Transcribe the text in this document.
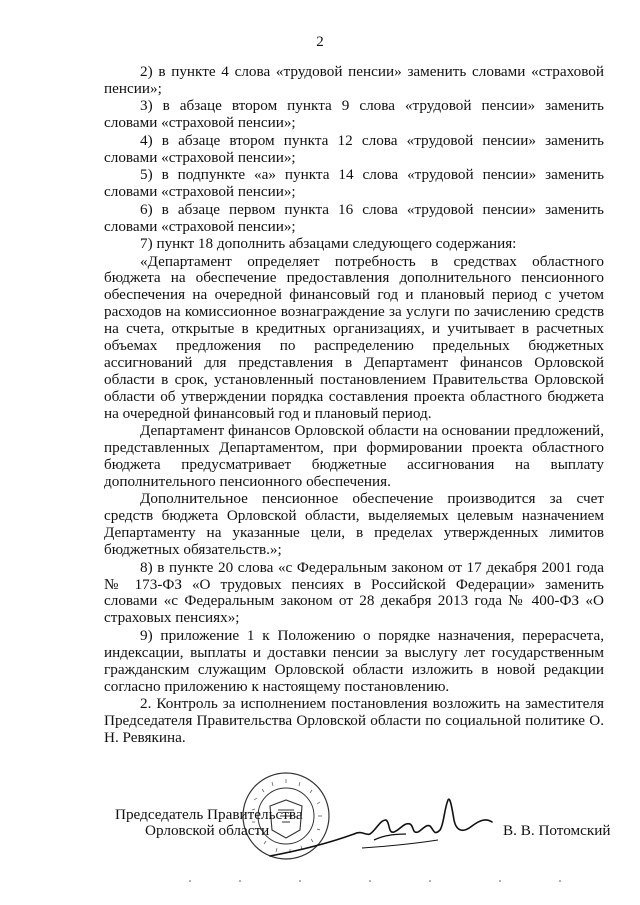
2

2) в пункте 4 слова «трудовой пенсии» заменить словами «страховой пенсии»;

3) в абзаце втором пункта 9 слова «трудовой пенсии» заменить словами «страховой пенсии»;

4) в абзаце втором пункта 12 слова «трудовой пенсии» заменить словами «страховой пенсии»;

5) в подпункте «а» пункта 14 слова «трудовой пенсии» заменить словами «страховой пенсии»;

6) в абзаце первом пункта 16 слова «трудовой пенсии» заменить словами «страховой пенсии»;

7) пункт 18 дополнить абзацами следующего содержания:

«Департамент определяет потребность в средствах областного бюджета на обеспечение предоставления дополнительного пенсионного обеспечения на очередной финансовый год и плановый период с учетом расходов на комиссионное вознаграждение за услуги по зачислению средств на счета, открытые в кредитных организациях, и учитывает в расчетных объемах предложения по распределению предельных бюджетных ассигнований для представления в Департамент финансов Орловской области в срок, установленный постановлением Правительства Орловской области об утверждении порядка составления проекта областного бюджета на очередной финансовый год и плановый период.

Департамент финансов Орловской области на основании предложений, представленных Департаментом, при формировании проекта областного бюджета предусматривает бюджетные ассигнования на выплату дополнительного пенсионного обеспечения.

Дополнительное пенсионное обеспечение производится за счет средств бюджета Орловской области, выделяемых целевым назначением Департаменту на указанные цели, в пределах утвержденных лимитов бюджетных обязательств.»;

8) в пункте 20 слова «с Федеральным законом от 17 декабря 2001 года № 173-ФЗ «О трудовых пенсиях в Российской Федерации» заменить словами «с Федеральным законом от 28 декабря 2013 года № 400-ФЗ «О страховых пенсиях»;

9) приложение 1 к Положению о порядке назначения, перерасчета, индексации, выплаты и доставки пенсии за выслугу лет государственным гражданским служащим Орловской области изложить в новой редакции согласно приложению к настоящему постановлению.

2. Контроль за исполнением постановления возложить на заместителя Председателя Правительства Орловской области по социальной политике О. Н. Ревякина.

Председатель Правительства
Орловской области	В. В. Потомский
